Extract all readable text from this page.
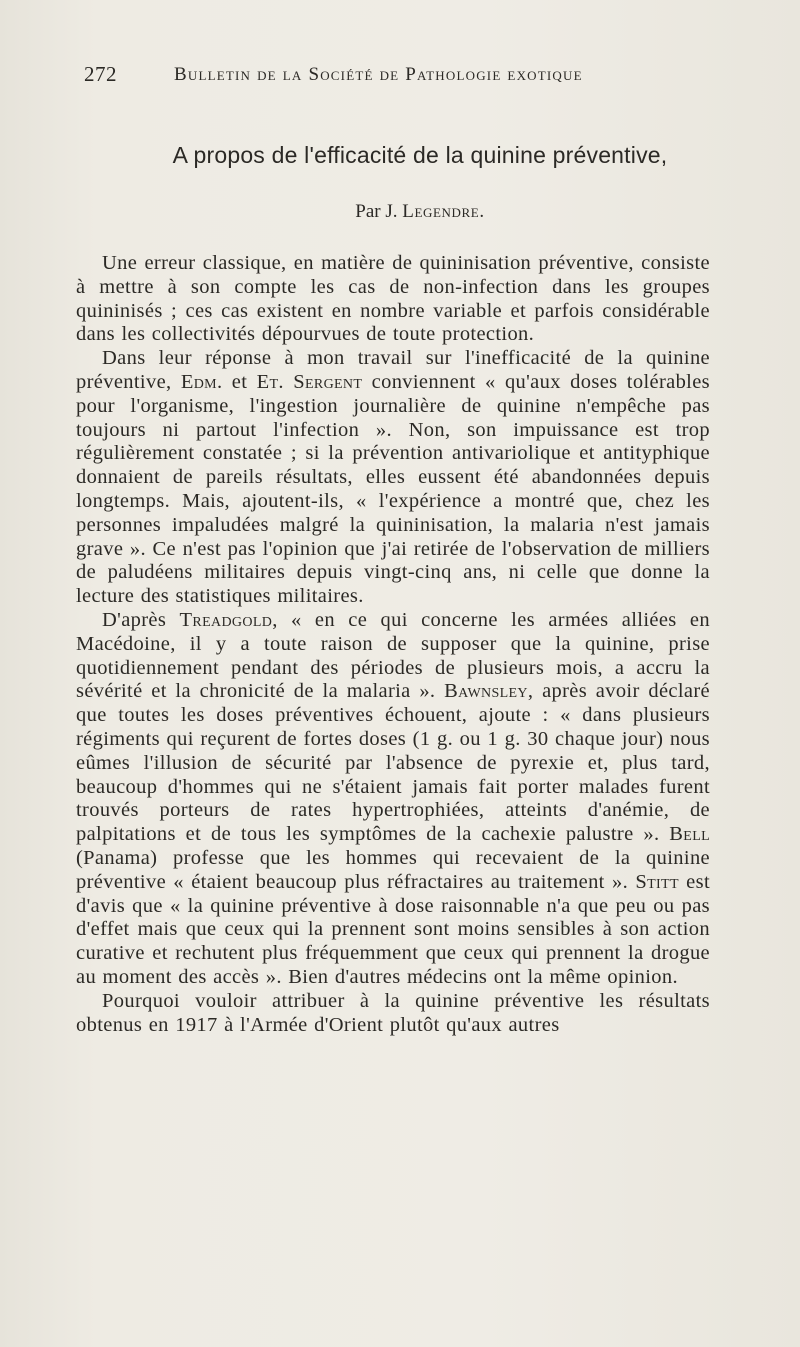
272	Bulletin de la Société de Pathologie exotique
A propos de l'efficacité de la quinine préventive,
Par J. Legendre.

Une erreur classique, en matière de quininisation préventive, consiste à mettre à son compte les cas de non-infection dans les groupes quininisés ; ces cas existent en nombre variable et parfois considérable dans les collectivités dépourvues de toute protection.

Dans leur réponse à mon travail sur l'inefficacité de la quinine préventive, Edm. et Et. Sergent conviennent « qu'aux doses tolérables pour l'organisme, l'ingestion journalière de quinine n'empêche pas toujours ni partout l'infection ». Non, son impuissance est trop régulièrement constatée ; si la prévention antivariolique et antityphique donnaient de pareils résultats, elles eussent été abandonnées depuis longtemps. Mais, ajoutent-ils, « l'expérience a montré que, chez les personnes impaludées malgré la quininisation, la malaria n'est jamais grave ». Ce n'est pas l'opinion que j'ai retirée de l'observation de milliers de paludéens militaires depuis vingt-cinq ans, ni celle que donne la lecture des statistiques militaires.

D'après Treadgold, « en ce qui concerne les armées alliées en Macédoine, il y a toute raison de supposer que la quinine, prise quotidiennement pendant des périodes de plusieurs mois, a accru la sévérité et la chronicité de la malaria ». Bawnsley, après avoir déclaré que toutes les doses préventives échouent, ajoute : « dans plusieurs régiments qui reçurent de fortes doses (1 g. ou 1 g. 30 chaque jour) nous eûmes l'illusion de sécurité par l'absence de pyrexie et, plus tard, beaucoup d'hommes qui ne s'étaient jamais fait porter malades furent trouvés porteurs de rates hypertrophiées, atteints d'anémie, de palpitations et de tous les symptômes de la cachexie palustre ». Bell (Panama) professe que les hommes qui recevaient de la quinine préventive « étaient beaucoup plus réfractaires au traitement ». Stitt est d'avis que « la quinine préventive à dose raisonnable n'a que peu ou pas d'effet mais que ceux qui la prennent sont moins sensibles à son action curative et rechutent plus fréquemment que ceux qui prennent la drogue au moment des accès ». Bien d'autres médecins ont la même opinion.

Pourquoi vouloir attribuer à la quinine préventive les résultats obtenus en 1917 à l'Armée d'Orient plutôt qu'aux autres
